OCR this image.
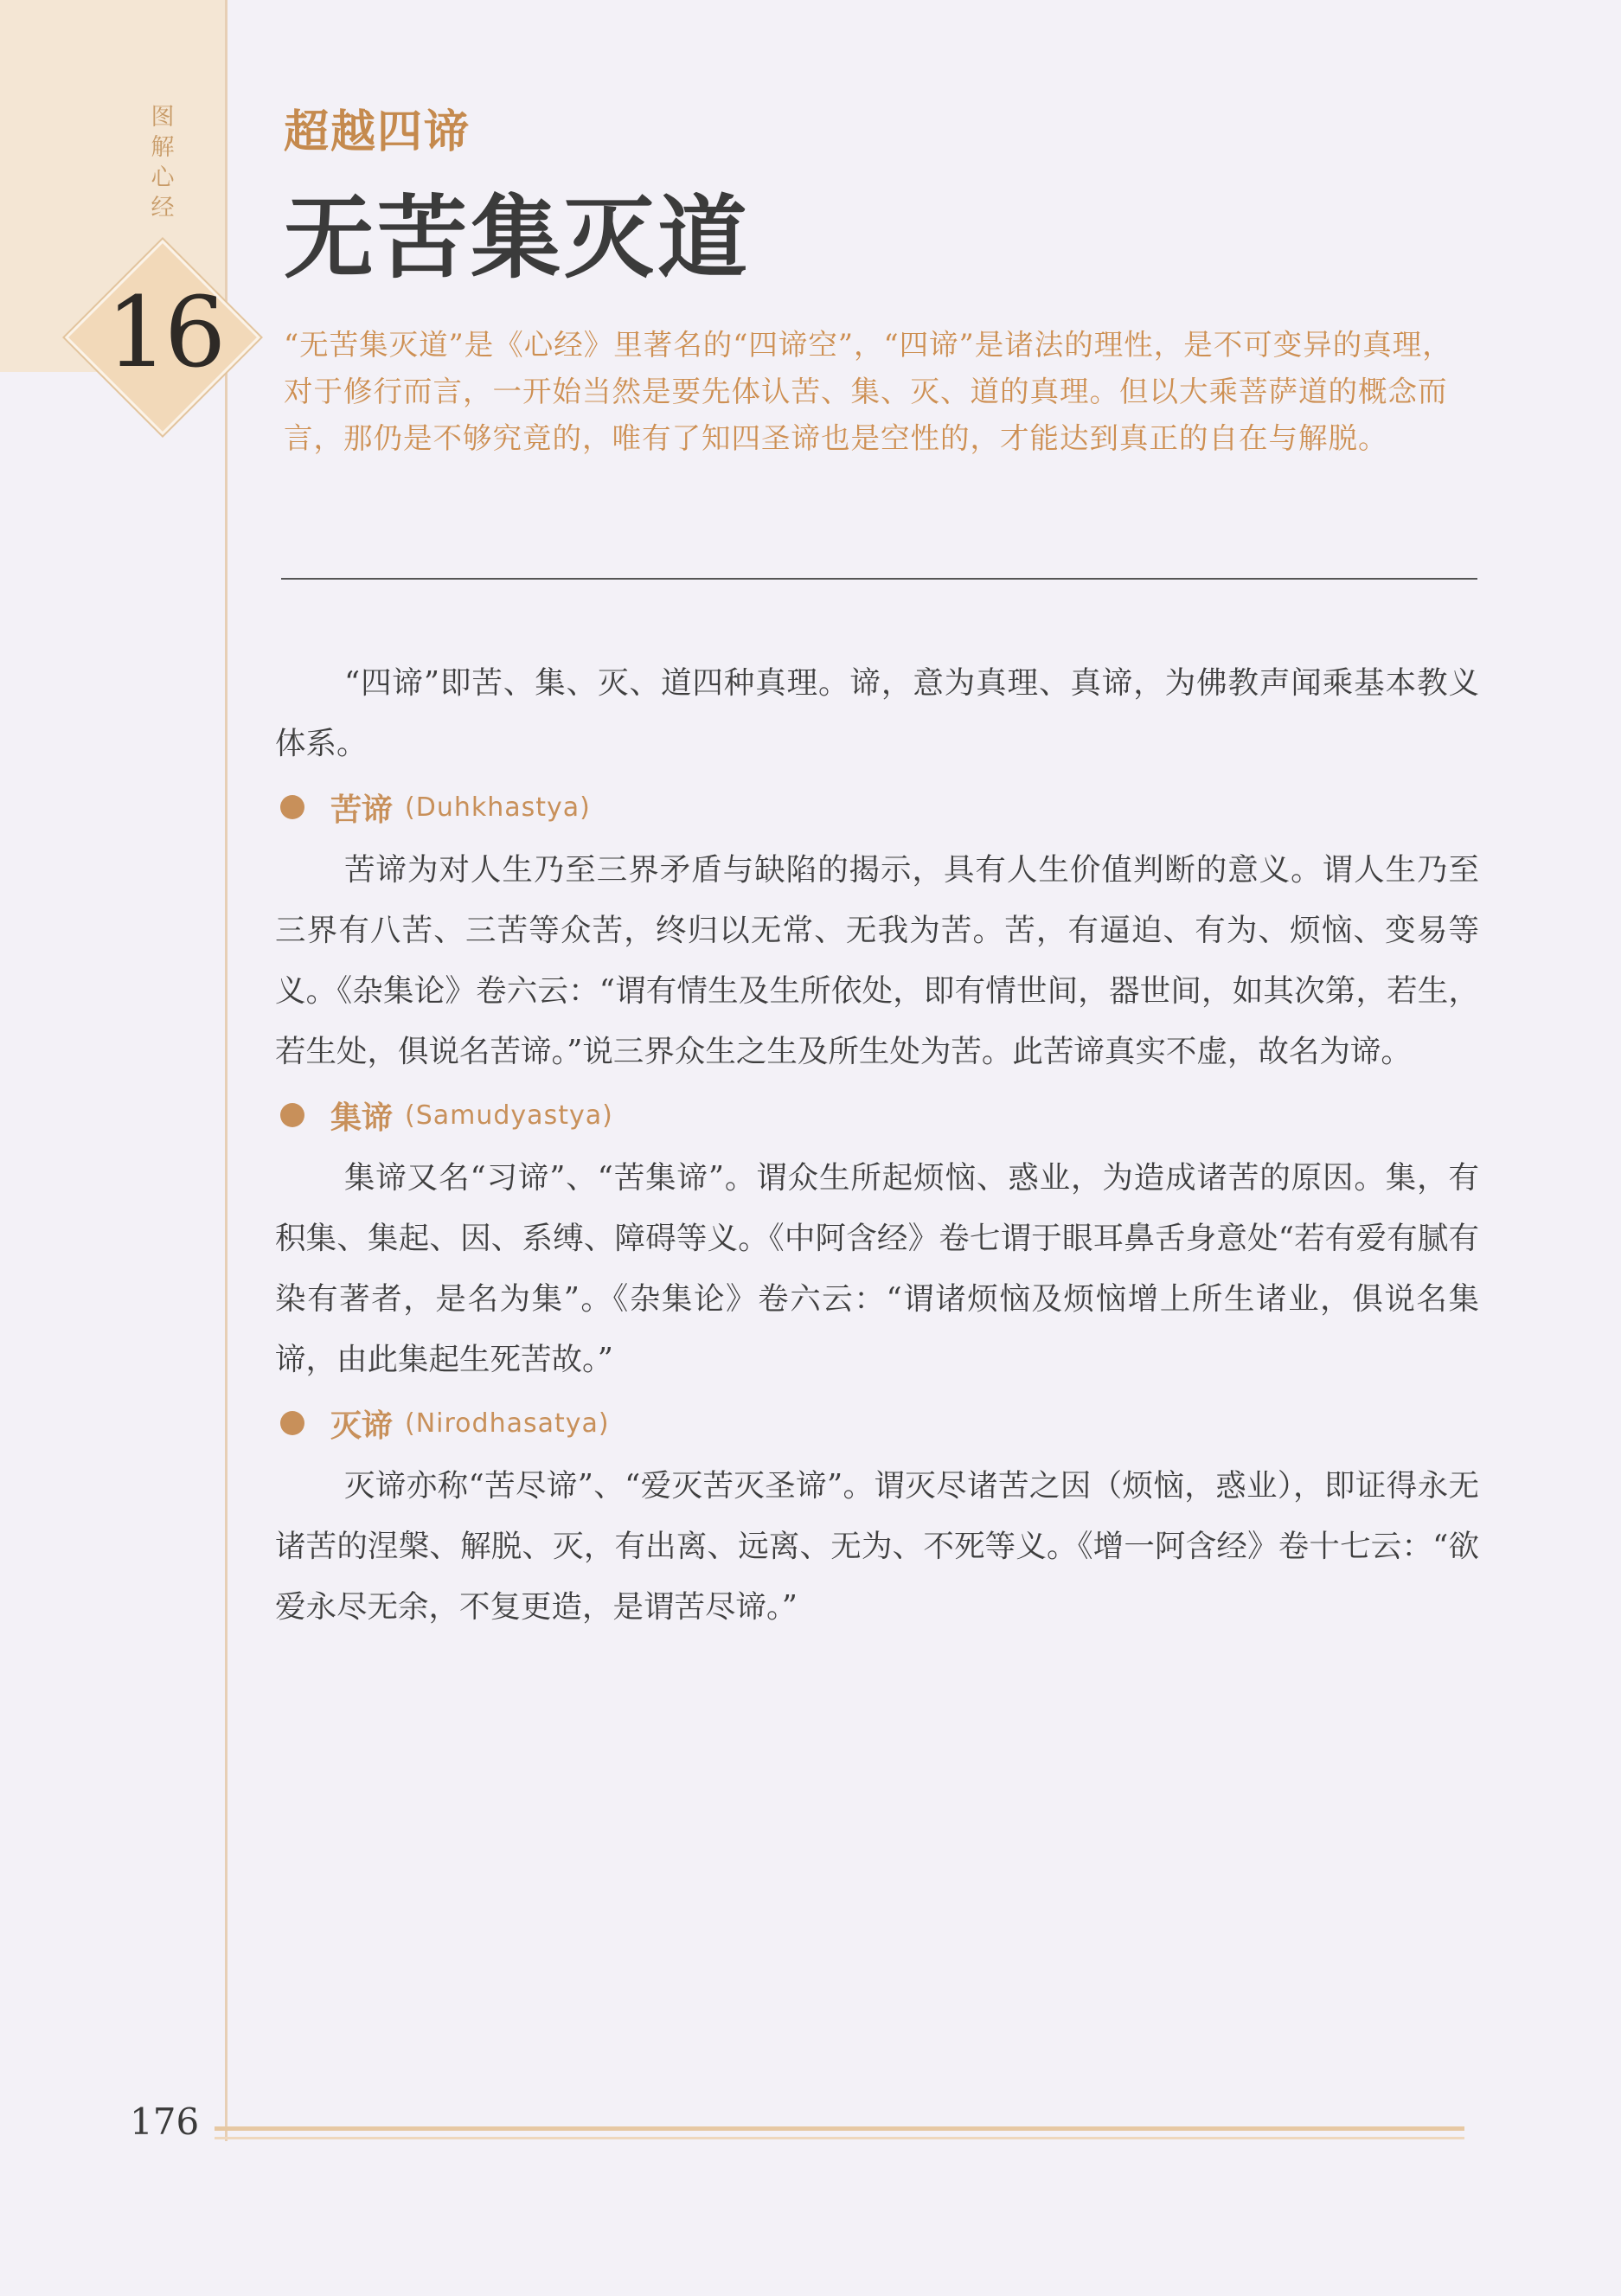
图解心经
16
超越四谛
无苦集灭道
“无苦集灭道”是《心经》里著名的“四谛空”，“四谛”是诸法的理性，是不可变异的真理，对于修行而言，一开始当然是要先体认苦、集、灭、道的真理。但以大乘菩萨道的概念而言，那仍是不够究竟的，唯有了知四圣谛也是空性的，才能达到真正的自在与解脱。

“四谛”即苦、集、灭、道四种真理。谛，意为真理、真谛，为佛教声闻乘基本教义体系。

苦谛 (Duhkhastya)

苦谛为对人生乃至三界矛盾与缺陷的揭示，具有人生价值判断的意义。谓人生乃至三界有八苦、三苦等众苦，终归以无常、无我为苦。苦，有逼迫、有为、烦恼、变易等义。《杂集论》卷六云：“谓有情生及生所依处，即有情世间，器世间，如其次第，若生，若生处，俱说名苦谛。”说三界众生之生及所生处为苦。此苦谛真实不虚，故名为谛。

集谛 (Samudyastya)

集谛又名“习谛”、“苦集谛”。谓众生所起烦恼、惑业，为造成诸苦的原因。集，有积集、集起、因、系缚、障碍等义。《中阿含经》卷七谓于眼耳鼻舌身意处“若有爱有腻有染有著者，是名为集”。《杂集论》卷六云：“谓诸烦恼及烦恼增上所生诸业，俱说名集谛，由此集起生死苦故。”

灭谛 (Nirodhasatya)

灭谛亦称“苦尽谛”、“爱灭苦灭圣谛”。谓灭尽诸苦之因（烦恼，惑业），即证得永无诸苦的涅槃、解脱、灭，有出离、远离、无为、不死等义。《增一阿含经》卷十七云：“欲爱永尽无余，不复更造，是谓苦尽谛。”

176
